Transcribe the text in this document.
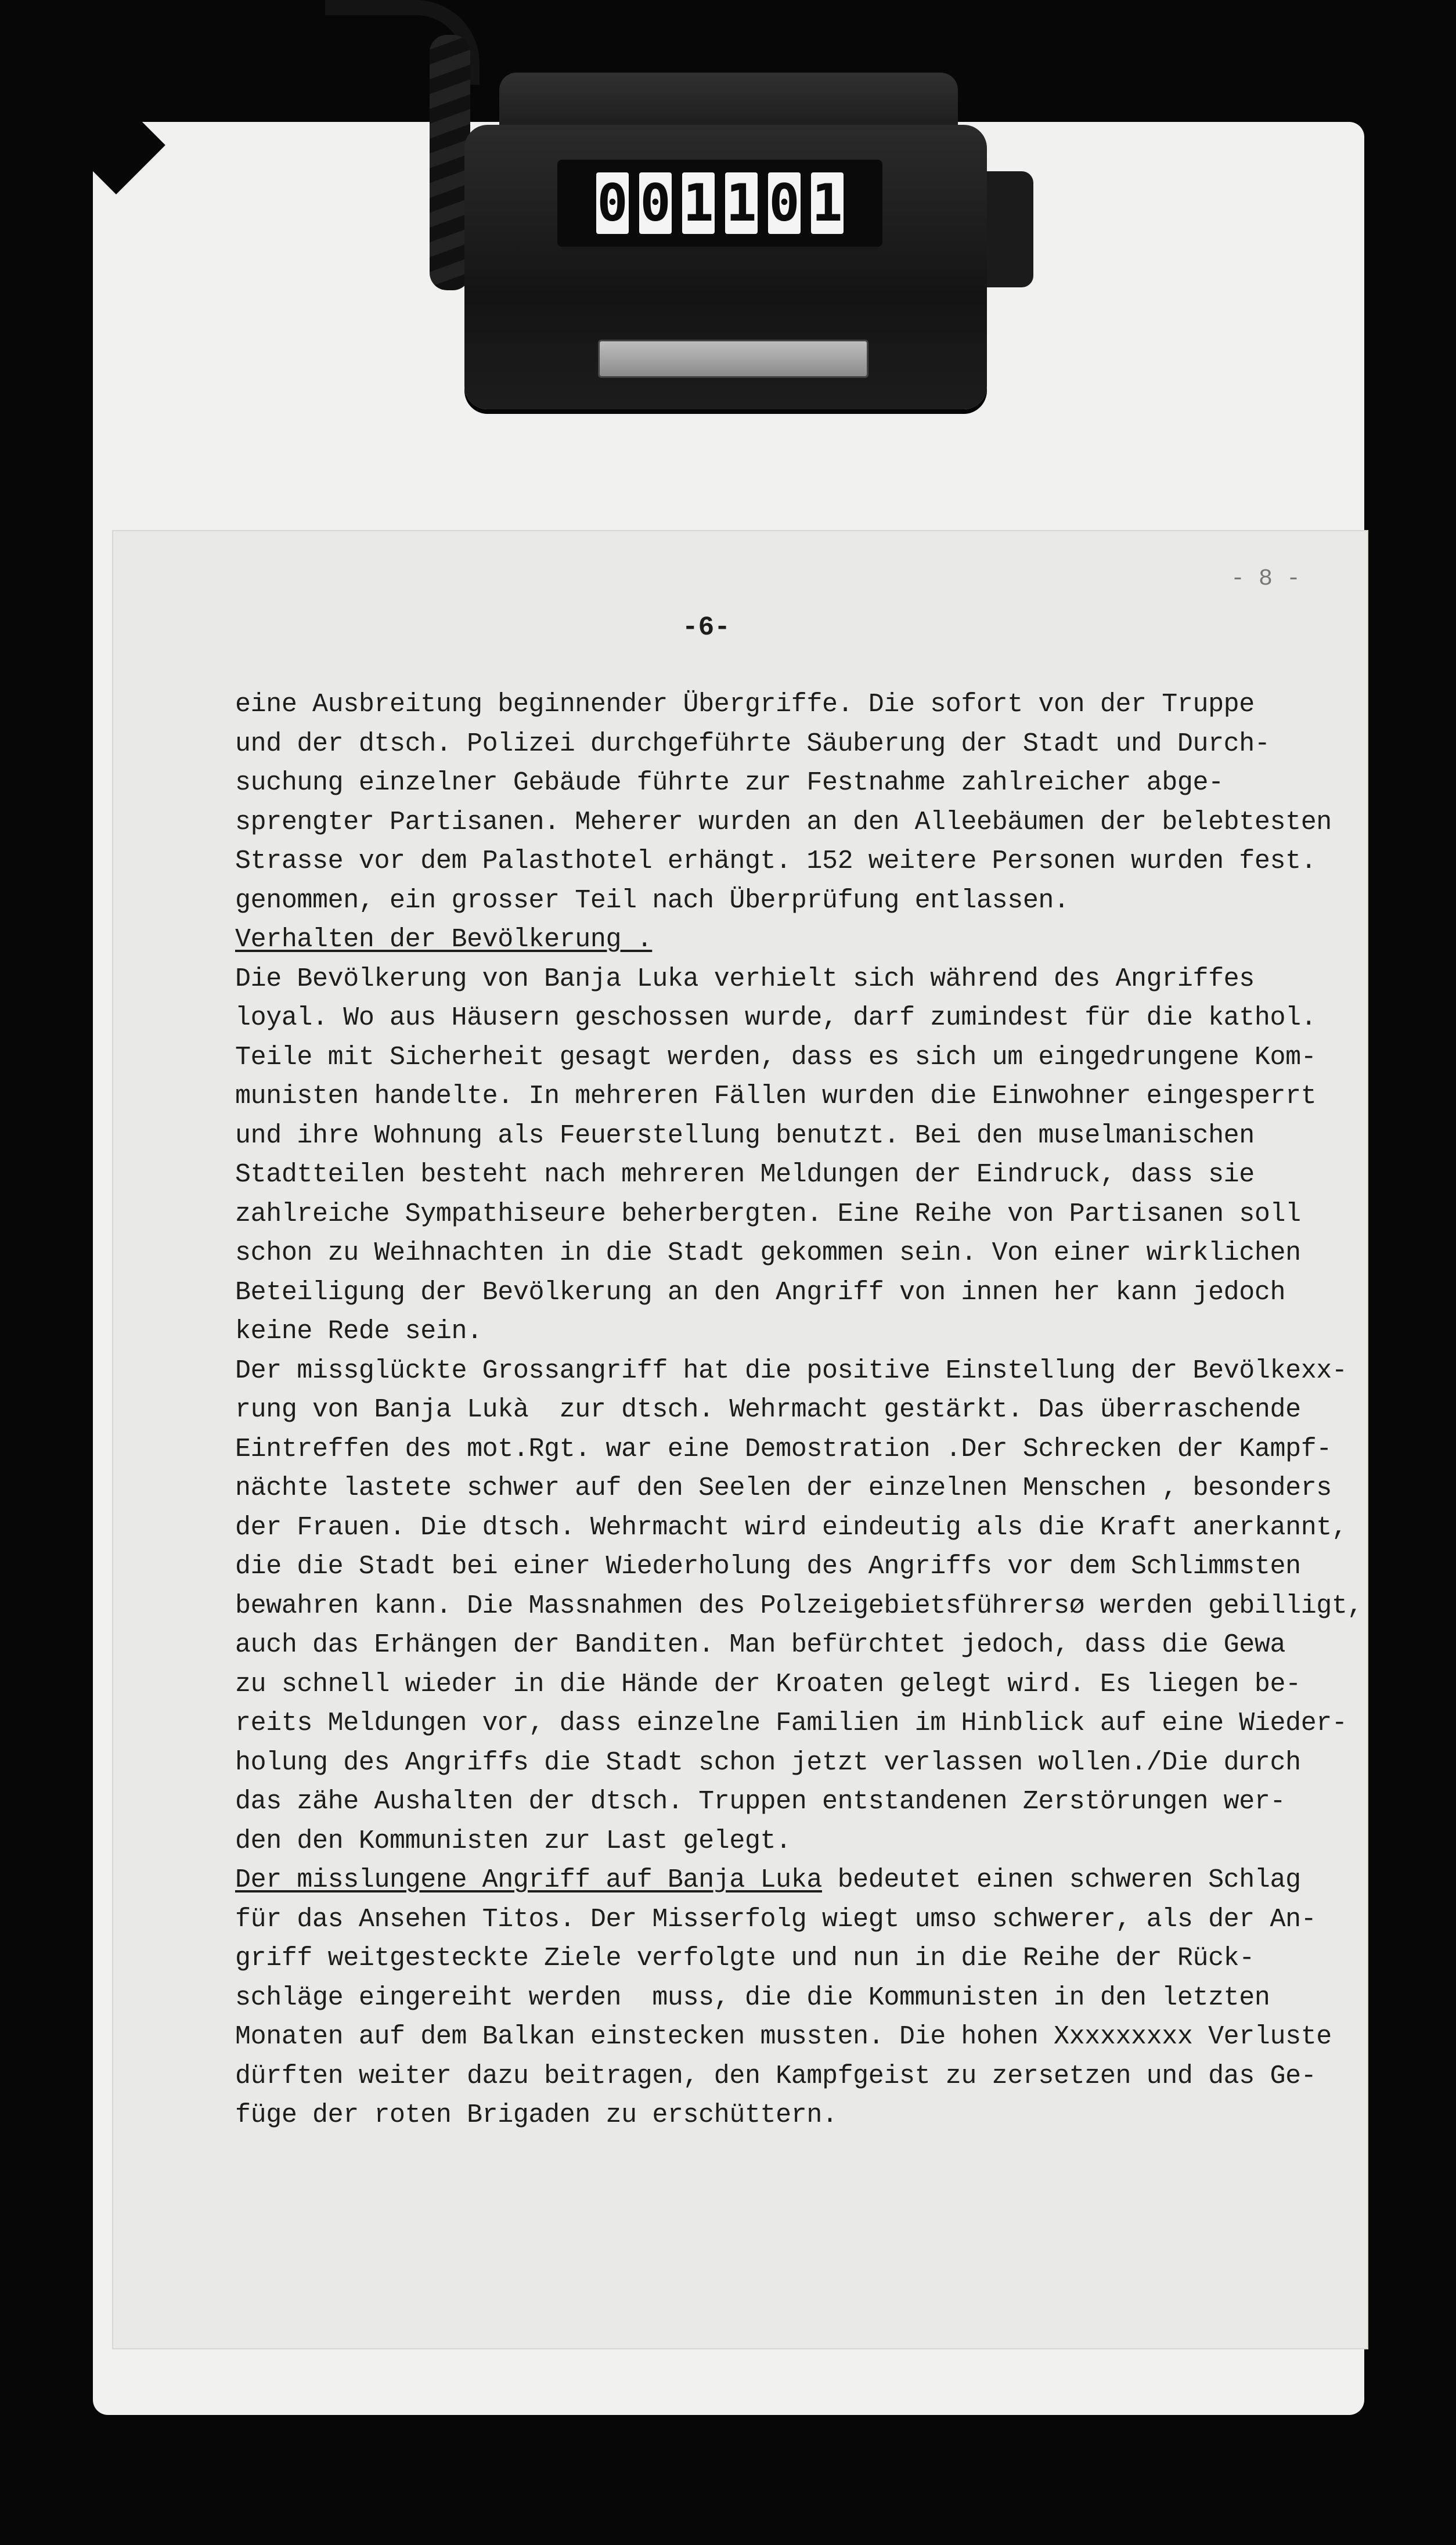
0 0 1 1 0 1
- 8 -
-6-
eine Ausbreitung beginnender Übergriffe. Die sofort von der Truppe
und der dtsch. Polizei durchgeführte Säuberung der Stadt und Durch-
suchung einzelner Gebäude führte zur Festnahme zahlreicher abge-
sprengter Partisanen. Meherer wurden an den Alleebäumen der belebtesten
Strasse vor dem Palasthotel erhängt. 152 weitere Personen wurden fest.
genommen, ein grosser Teil nach Überprüfung entlassen.
Verhalten der Bevölkerung .
Die Bevölkerung von Banja Luka verhielt sich während des Angriffes
loyal. Wo aus Häusern geschossen wurde, darf zumindest für die kathol.
Teile mit Sicherheit gesagt werden, dass es sich um eingedrungene Kom-
munisten handelte. In mehreren Fällen wurden die Einwohner eingesperrt
und ihre Wohnung als Feuerstellung benutzt. Bei den muselmanischen
Stadtteilen besteht nach mehreren Meldungen der Eindruck, dass sie
zahlreiche Sympathiseure beherbergten. Eine Reihe von Partisanen soll
schon zu Weihnachten in die Stadt gekommen sein. Von einer wirklichen
Beteiligung der Bevölkerung an den Angriff von innen her kann jedoch
keine Rede sein.
Der missglückte Grossangriff hat die positive Einstellung der Bevölkexx-
rung von Banja Lukà  zur dtsch. Wehrmacht gestärkt. Das überraschende
Eintreffen des mot.Rgt. war eine Demostration .Der Schrecken der Kampf-
nächte lastete schwer auf den Seelen der einzelnen Menschen , besonders
der Frauen. Die dtsch. Wehrmacht wird eindeutig als die Kraft anerkannt,
die die Stadt bei einer Wiederholung des Angriffs vor dem Schlimmsten
bewahren kann. Die Massnahmen des Polzeigebietsführersø werden gebilligt,
auch das Erhängen der Banditen. Man befürchtet jedoch, dass die Gewa
zu schnell wieder in die Hände der Kroaten gelegt wird. Es liegen be-
reits Meldungen vor, dass einzelne Familien im Hinblick auf eine Wieder-
holung des Angriffs die Stadt schon jetzt verlassen wollen./Die durch
das zähe Aushalten der dtsch. Truppen entstandenen Zerstörungen wer-
den den Kommunisten zur Last gelegt.
Der misslungene Angriff auf Banja Luka bedeutet einen schweren Schlag
für das Ansehen Titos. Der Misserfolg wiegt umso schwerer, als der An-
griff weitgesteckte Ziele verfolgte und nun in die Reihe der Rück-
schläge eingereiht werden  muss, die die Kommunisten in den letzten
Monaten auf dem Balkan einstecken mussten. Die hohen Xxxxxxxxx Verluste
dürften weiter dazu beitragen, den Kampfgeist zu zersetzen und das Ge-
füge der roten Brigaden zu erschüttern.
